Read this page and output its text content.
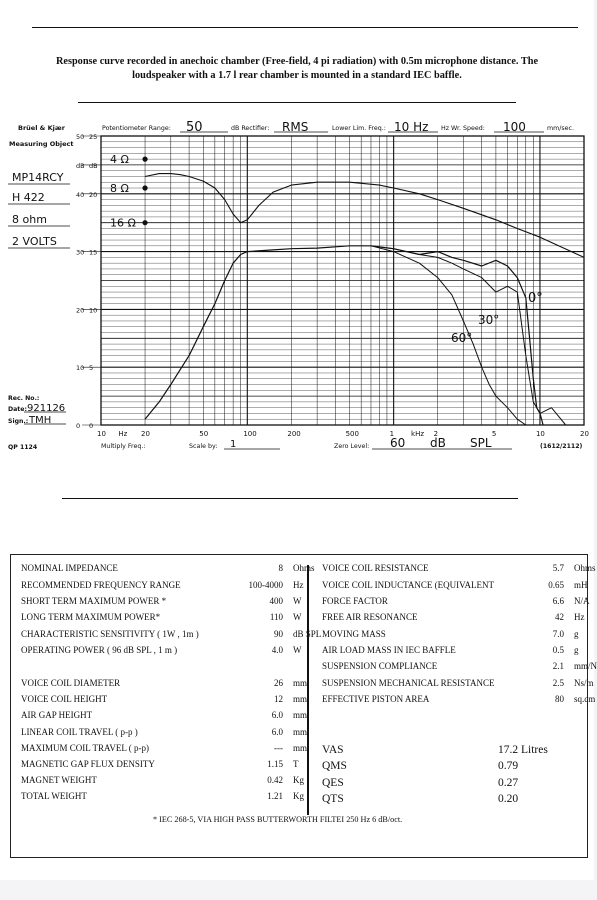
Response curve recorded in anechoic chamber (Free-field, 4 pi radiation) with 0.5m microphone distance. The
loudspeaker with a 1.7 l rear chamber is mounted in a standard IEC baffle.
Brüel & Kjær
Measuring Object
Potentiometer Range: 50	dB Rectifier: RMS	Lower Lim. Freq.: 10 Hz Hz Wr. Speed: 100	mm/sec.
MP14RCY
H 422
8 ohm
2 VOLTS
Rec. No.:
Date: 921126
Sign.: TMH
QP 1124
10 Hz 20	50	100	200	500	1 kHz 2	5	10	20
50
dB
40
30
20
10
0
25
dB
20
15
10
5
0
4 Ω
8 Ω
16 Ω
0°
30°
60°
Multiply Freq.:	Scale by: 1	Zero Level: 60 dB SPL	(1612/2112)
NOMINAL IMPEDANCE	8 Ohms
RECOMMENDED FREQUENCY RANGE	100-4000 Hz
SHORT TERM MAXIMUM POWER *	400 W
LONG TERM MAXIMUM POWER*	110 W
CHARACTERISTIC SENSITIVITY ( 1W , 1m )	90 dB SPL
OPERATING POWER ( 96 dB SPL , 1 m )	4.0 W
VOICE COIL DIAMETER	26 mm
VOICE COIL HEIGHT	12 mm
AIR GAP HEIGHT	6.0 mm
LINEAR COIL TRAVEL ( p-p )	6.0 mm
MAXIMUM COIL TRAVEL ( p-p)	--- mm
MAGNETIC GAP FLUX DENSITY	1.15 T
MAGNET WEIGHT	0.42 Kg
TOTAL WEIGHT	1.21 Kg
VOICE COIL RESISTANCE	5.7 Ohms
VOICE COIL INDUCTANCE (EQUIVALENT	0.65 mH
FORCE FACTOR	6.6 N/A
FREE AIR RESONANCE	42 Hz
MOVING MASS	7.0 g
AIR LOAD MASS IN IEC BAFFLE	0.5 g
SUSPENSION COMPLIANCE	2.1 mm/N
SUSPENSION MECHANICAL RESISTANCE	2.5 Ns/m
EFFECTIVE PISTON AREA	80 sq.cm
VAS	17.2 Litres
QMS	0.79
QES	0.27
QTS	0.20
* IEC 268-5, VIA HIGH PASS BUTTERWORTH FILTEI 250 Hz 6 dB/oct.
